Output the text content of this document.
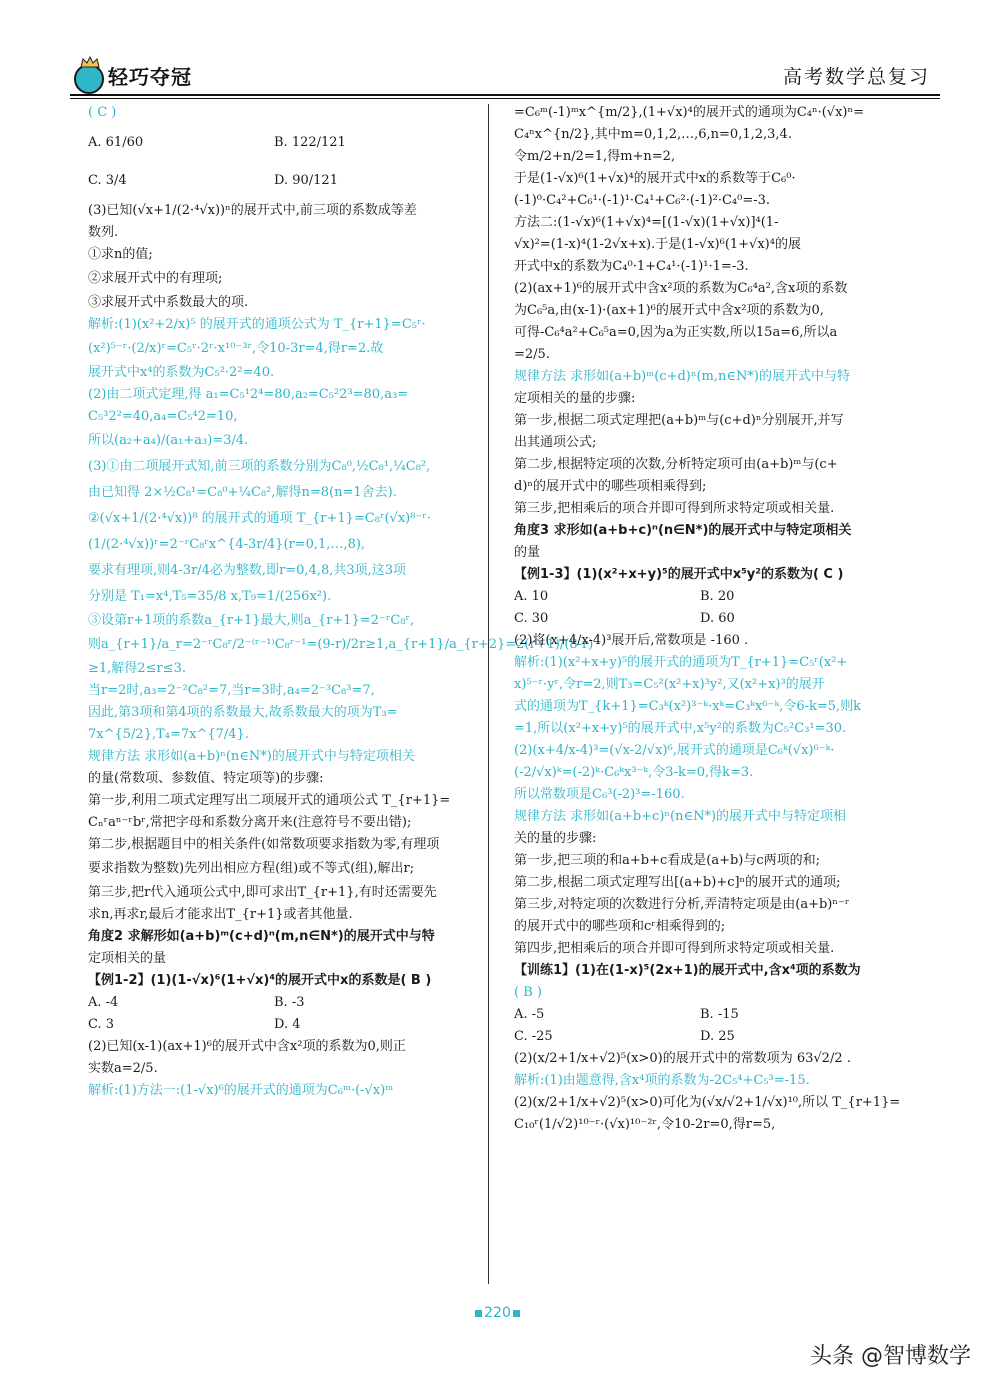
轻巧夺冠	高考数学总复习
( C )
A. 61/60	B. 122/121
C. 3/4	D. 90/121
(3)已知(√x+1/(2·⁴√x))ⁿ的展开式中,前三项的系数成等差
数列.
①求n的值;
②求展开式中的有理项;
③求展开式中系数最大的项.
解析:(1)(x²+2/x)⁵ 的展开式的通项公式为 T_{r+1}=C₅ʳ·
(x²)⁵⁻ʳ·(2/x)ʳ=C₅ʳ·2ʳ·x¹⁰⁻³ʳ,令10-3r=4,得r=2.故
展开式中x⁴的系数为C₅²·2²=40.
(2)由二项式定理,得 a₁=C₅¹2⁴=80,a₂=C₅²2³=80,a₃=
C₅³2²=40,a₄=C₅⁴2=10,
所以(a₂+a₄)/(a₁+a₃)=3/4.
(3)①由二项展开式知,前三项的系数分别为C₈⁰,½C₈¹,¼C₈²,
由已知得 2×½C₈¹=C₈⁰+¼C₈²,解得n=8(n=1舍去).
②(√x+1/(2·⁴√x))⁸ 的展开式的通项 T_{r+1}=C₈ʳ(√x)⁸⁻ʳ·
(1/(2·⁴√x))ʳ=2⁻ʳC₈ʳx^{4-3r/4}(r=0,1,…,8),
要求有理项,则4-3r/4必为整数,即r=0,4,8,共3项,这3项
分别是 T₁=x⁴,T₅=35/8 x,T₉=1/(256x²).
③设第r+1项的系数a_{r+1}最大,则a_{r+1}=2⁻ʳC₈ʳ,
则a_{r+1}/a_r=2⁻ʳC₈ʳ/2⁻⁽ʳ⁻¹⁾C₈ʳ⁻¹=(9-r)/2r≥1,a_{r+1}/a_{r+2}=2(r+1)/(8-r)
≥1,解得2≤r≤3.
当r=2时,a₃=2⁻²C₈²=7,当r=3时,a₄=2⁻³C₈³=7,
因此,第3项和第4项的系数最大,故系数最大的项为T₃=
7x^{5/2},T₄=7x^{7/4}.
规律方法 求形如(a+b)ⁿ(n∈N*)的展开式中与特定项相关
的量(常数项、参数值、特定项等)的步骤:
第一步,利用二项式定理写出二项展开式的通项公式 T_{r+1}=
Cₙʳaⁿ⁻ʳbʳ,常把字母和系数分离开来(注意符号不要出错);
第二步,根据题目中的相关条件(如常数项要求指数为零,有理项
要求指数为整数)先列出相应方程(组)或不等式(组),解出r;
第三步,把r代入通项公式中,即可求出T_{r+1},有时还需要先
求n,再求r,最后才能求出T_{r+1}或者其他量.
角度2 求解形如(a+b)ᵐ(c+d)ⁿ(m,n∈N*)的展开式中与特
定项相关的量
【例1-2】(1)(1-√x)⁶(1+√x)⁴的展开式中x的系数是( B )
A. -4	B. -3
C. 3	D. 4
(2)已知(x-1)(ax+1)⁶的展开式中含x²项的系数为0,则正
实数a=2/5.
解析:(1)方法一:(1-√x)⁶的展开式的通项为C₆ᵐ·(-√x)ᵐ
=C₆ᵐ(-1)ᵐx^{m/2},(1+√x)⁴的展开式的通项为C₄ⁿ·(√x)ⁿ=
C₄ⁿx^{n/2},其中m=0,1,2,…,6,n=0,1,2,3,4.
令m/2+n/2=1,得m+n=2,
于是(1-√x)⁶(1+√x)⁴的展开式中x的系数等于C₆⁰·
(-1)⁰·C₄²+C₆¹·(-1)¹·C₄¹+C₆²·(-1)²·C₄⁰=-3.
方法二:(1-√x)⁶(1+√x)⁴=[(1-√x)(1+√x)]⁴(1-
√x)²=(1-x)⁴(1-2√x+x).于是(1-√x)⁶(1+√x)⁴的展
开式中x的系数为C₄⁰·1+C₄¹·(-1)¹·1=-3.
(2)(ax+1)⁶的展开式中含x²项的系数为C₆⁴a²,含x项的系数
为C₆⁵a,由(x-1)·(ax+1)⁶的展开式中含x²项的系数为0,
可得-C₆⁴a²+C₆⁵a=0,因为a为正实数,所以15a=6,所以a
=2/5.
规律方法 求形如(a+b)ᵐ(c+d)ⁿ(m,n∈N*)的展开式中与特
定项相关的量的步骤:
第一步,根据二项式定理把(a+b)ᵐ与(c+d)ⁿ分别展开,并写
出其通项公式;
第二步,根据特定项的次数,分析特定项可由(a+b)ᵐ与(c+
d)ⁿ的展开式中的哪些项相乘得到;
第三步,把相乘后的项合并即可得到所求特定项或相关量.
角度3 求形如(a+b+c)ⁿ(n∈N*)的展开式中与特定项相关
的量
【例1-3】(1)(x²+x+y)⁵的展开式中x⁵y²的系数为( C )
A. 10	B. 20
C. 30	D. 60
(2)将(x+4/x-4)³展开后,常数项是 -160 .
解析:(1)(x²+x+y)⁵的展开式的通项为T_{r+1}=C₅ʳ(x²+
x)⁵⁻ʳ·yʳ,令r=2,则T₃=C₅²(x²+x)³y²,又(x²+x)³的展开
式的通项为T_{k+1}=C₃ᵏ(x²)³⁻ᵏ·xᵏ=C₃ᵏx⁶⁻ᵏ,令6-k=5,则k
=1,所以(x²+x+y)⁵的展开式中,x⁵y²的系数为C₅²C₃¹=30.
(2)(x+4/x-4)³=(√x-2/√x)⁶,展开式的通项是C₆ᵏ(√x)⁶⁻ᵏ·
(-2/√x)ᵏ=(-2)ᵏ·C₆ᵏx³⁻ᵏ,令3-k=0,得k=3.
所以常数项是C₆³(-2)³=-160.
规律方法 求形如(a+b+c)ⁿ(n∈N*)的展开式中与特定项相
关的量的步骤:
第一步,把三项的和a+b+c看成是(a+b)与c两项的和;
第二步,根据二项式定理写出[(a+b)+c]ⁿ的展开式的通项;
第三步,对特定项的次数进行分析,弄清特定项是由(a+b)ⁿ⁻ʳ
的展开式中的哪些项和cʳ相乘得到的;
第四步,把相乘后的项合并即可得到所求特定项或相关量.
【训练1】(1)在(1-x)⁵(2x+1)的展开式中,含x⁴项的系数为
( B )
A. -5	B. -15
C. -25	D. 25
(2)(x/2+1/x+√2)⁵(x>0)的展开式中的常数项为 63√2/2 .
解析:(1)由题意得,含x⁴项的系数为-2C₅⁴+C₅³=-15.
(2)(x/2+1/x+√2)⁵(x>0)可化为(√x/√2+1/√x)¹⁰,所以 T_{r+1}=
C₁₀ʳ(1/√2)¹⁰⁻ʳ·(√x)¹⁰⁻²ʳ,令10-2r=0,得r=5,
220
头条 @智博数学
